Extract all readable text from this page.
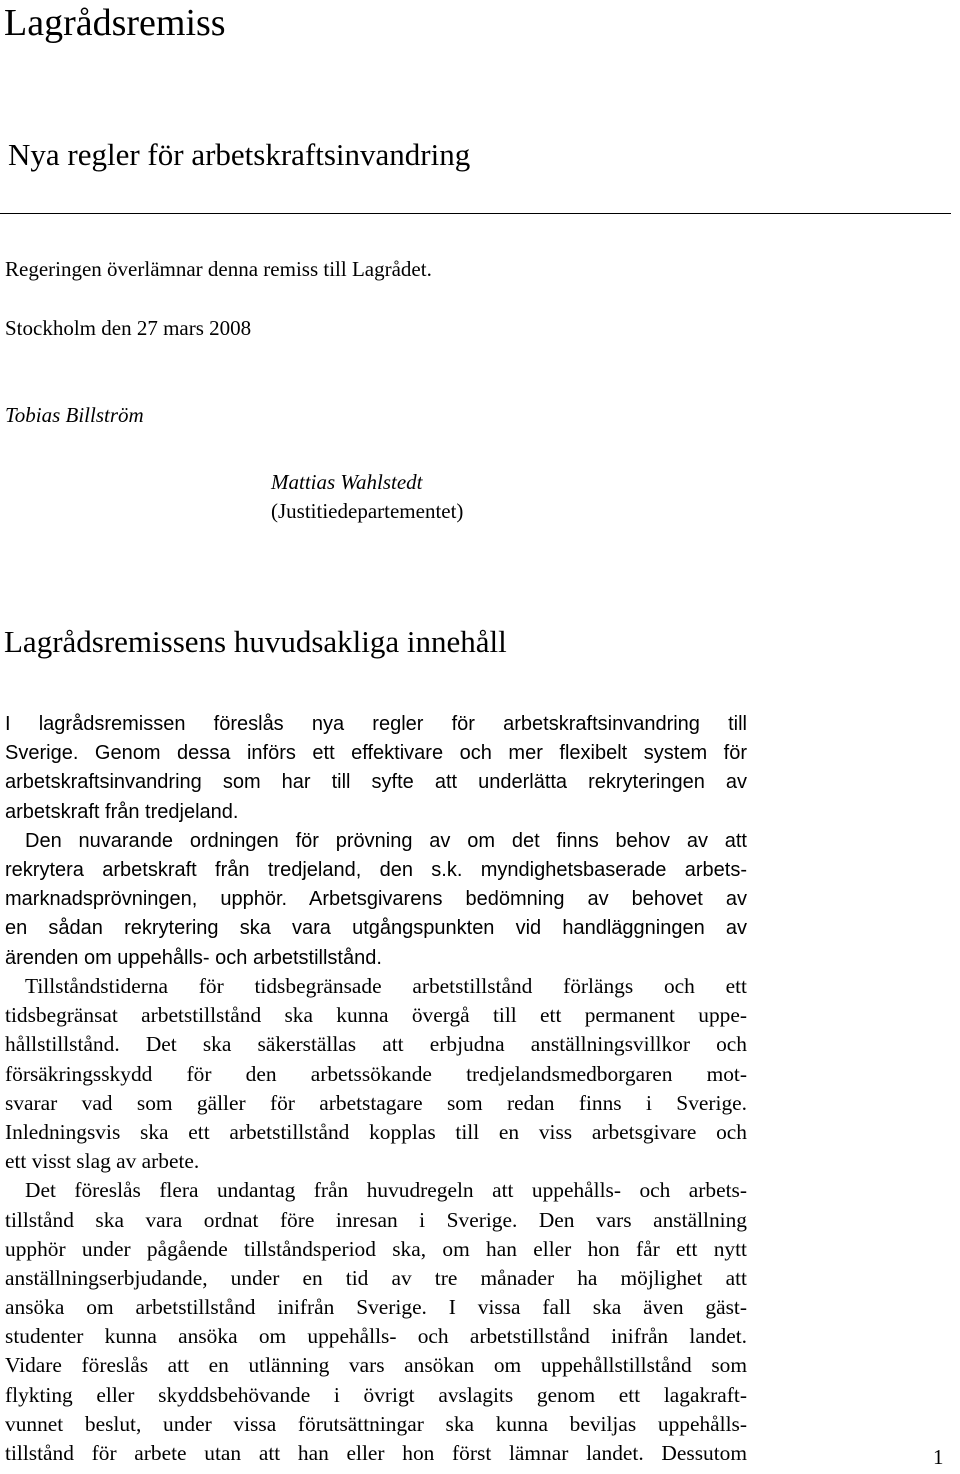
Lagrådsremiss
Nya regler för arbetskraftsinvandring
Regeringen överlämnar denna remiss till Lagrådet.
Stockholm den 27 mars 2008
Tobias Billström
Mattias Wahlstedt
(Justitiedepartementet)
Lagrådsremissens huvudsakliga innehåll
I lagrådsremissen föreslås nya regler för arbetskraftsinvandring till
Sverige. Genom dessa införs ett effektivare och mer flexibelt system för
arbetskraftsinvandring som har till syfte att underlätta rekryteringen av
arbetskraft från tredjeland.
Den nuvarande ordningen för prövning av om det finns behov av att
rekrytera arbetskraft från tredjeland, den s.k. myndighetsbaserade arbets-
marknadsprövningen, upphör. Arbetsgivarens bedömning av behovet av
en sådan rekrytering ska vara utgångspunkten vid handläggningen av
ärenden om uppehålls- och arbetstillstånd.
Tillståndstiderna för tidsbegränsade arbetstillstånd förlängs och ett
tidsbegränsat arbetstillstånd ska kunna övergå till ett permanent uppe-
hållstillstånd. Det ska säkerställas att erbjudna anställningsvillkor och
försäkringsskydd för den arbetssökande tredjelandsmedborgaren mot-
svarar vad som gäller för arbetstagare som redan finns i Sverige.
Inledningsvis ska ett arbetstillstånd kopplas till en viss arbetsgivare och
ett visst slag av arbete.
Det föreslås flera undantag från huvudregeln att uppehålls- och arbets-
tillstånd ska vara ordnat före inresan i Sverige. Den vars anställning
upphör under pågående tillståndsperiod ska, om han eller hon får ett nytt
anställningserbjudande, under en tid av tre månader ha möjlighet att
ansöka om arbetstillstånd inifrån Sverige. I vissa fall ska även gäst-
studenter kunna ansöka om uppehålls- och arbetstillstånd inifrån landet.
Vidare föreslås att en utlänning vars ansökan om uppehållstillstånd som
flykting eller skyddsbehövande i övrigt avslagits genom ett lagakraft-
vunnet beslut, under vissa förutsättningar ska kunna beviljas uppehålls-
tillstånd för arbete utan att han eller hon först lämnar landet. Dessutom	1
